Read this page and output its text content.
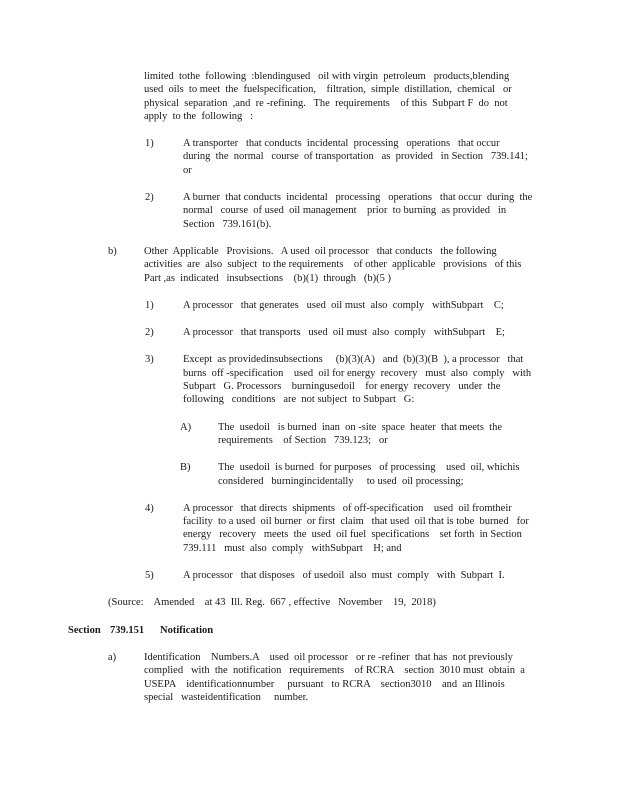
limited  tothe  following  :blendingused   oil with virgin  petroleum   products,blending
used  oils  to meet  the  fuelspecification,    filtration,  simple  distillation,  chemical   or
physical  separation  ,and  re -refining.   The  requirements    of this  Subpart F  do  not
apply  to the  following   :
1)	A transporter   that conducts  incidental  processing   operations   that occur
during  the  normal   course  of transportation   as  provided   in Section   739.141;
or
2)	A burner  that conducts  incidental   processing   operations   that occur  during  the
normal   course  of used  oil management    prior  to burning  as provided   in
Section   739.161(b).
b)	Other  Applicable   Provisions.   A used  oil processor   that conducts   the following
activities  are  also  subject  to the requirements    of other  applicable   provisions   of this
Part ,as  indicated   insubsections    (b)(1)  through   (b)(5 )
1)	A processor   that generates   used  oil must  also  comply   withSubpart    C;
2)	A processor   that transports   used  oil must  also  comply   withSubpart    E;
3)	Except  as providedinsubsections     (b)(3)(A)   and  (b)(3)(B  ), a processor   that
burns  off -specification    used  oil for energy  recovery   must  also  comply   with
Subpart   G. Processors    burningusedoil    for energy  recovery   under  the
following   conditions   are  not subject  to Subpart   G:
A)	The  usedoil   is burned  inan  on -site  space  heater  that meets  the
requirements    of Section   739.123;   or
B)	The  usedoil  is burned  for purposes   of processing    used  oil, whichis
considered   burningincidentally     to used  oil processing;
4)	A processor   that directs  shipments   of off-specification    used  oil fromtheir
facility  to a used  oil burner  or first  claim   that used  oil that is tobe  burned   for
energy   recovery   meets  the  used  oil fuel  specifications    set forth  in Section
739.111   must  also  comply   withSubpart    H; and
5)	A processor   that disposes   of usedoil  also  must  comply   with  Subpart  I.
(Source:    Amended    at 43  Ill. Reg.  667 , effective   November    19,  2018)
Section 739.151	Notification
a)	Identification    Numbers.A    used  oil processor   or re -refiner  that has  not previously
complied   with  the  notification   requirements    of RCRA    section  3010 must  obtain  a
USEPA    identificationnumber     pursuant   to RCRA    section3010    and  an Illinois
special   wasteidentification     number.
